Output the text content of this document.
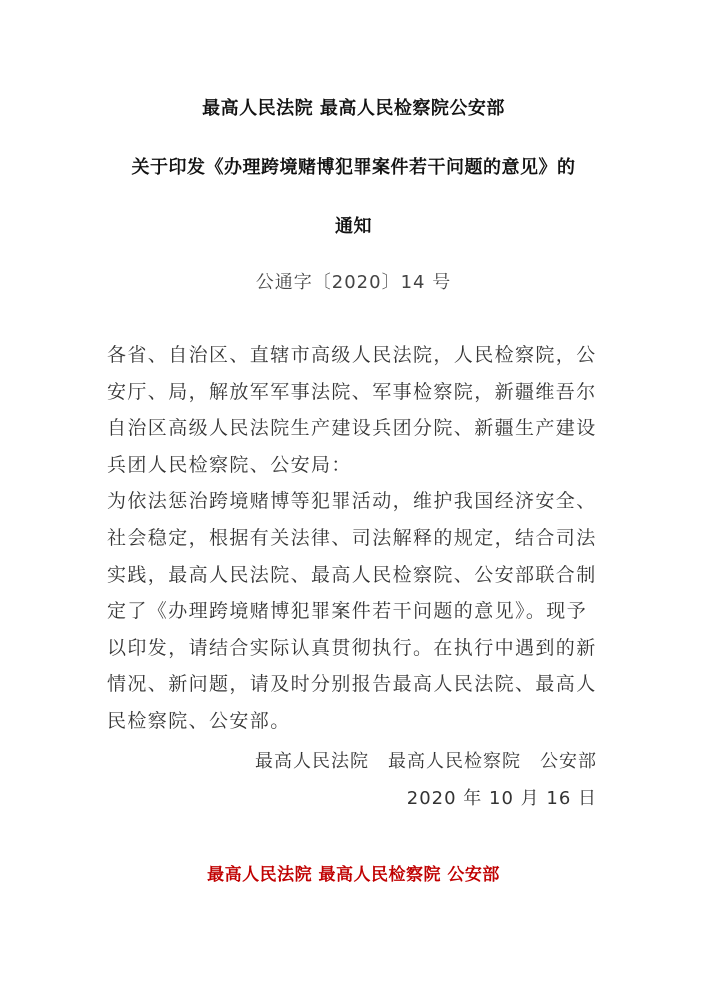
最高人民法院 最高人民检察院公安部
关于印发《办理跨境赌博犯罪案件若干问题的意见》的
通知
公通字〔2020〕14 号

各省、自治区、直辖市高级人民法院，人民检察院，公安厅、局，解放军军事法院、军事检察院，新疆维吾尔自治区高级人民法院生产建设兵团分院、新疆生产建设兵团人民检察院、公安局：

为依法惩治跨境赌博等犯罪活动，维护我国经济安全、社会稳定，根据有关法律、司法解释的规定，结合司法实践，最高人民法院、最高人民检察院、公安部联合制定了《办理跨境赌博犯罪案件若干问题的意见》。现予以印发，请结合实际认真贯彻执行。在执行中遇到的新情况、新问题，请及时分别报告最高人民法院、最高人民检察院、公安部。

最高人民法院　最高人民检察院　公安部
2020 年 10 月 16 日
最高人民法院 最高人民检察院 公安部
